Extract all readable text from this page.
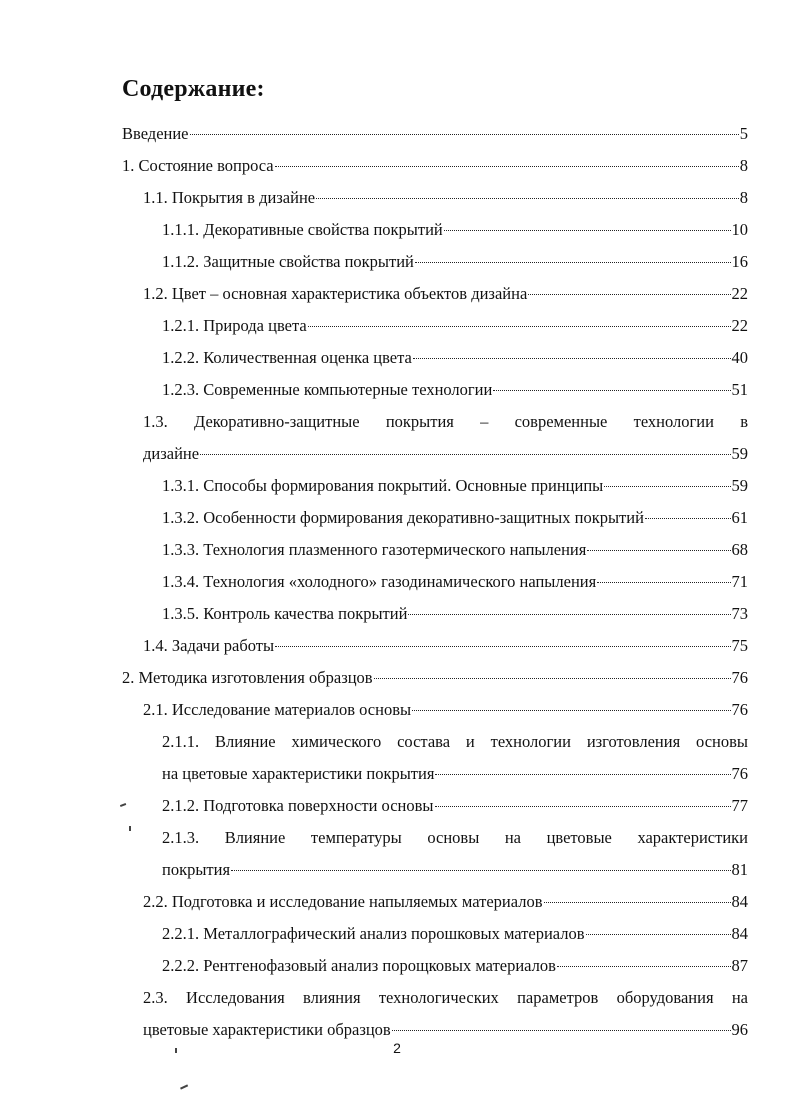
Содержание:
Введение	5
1. Состояние вопроса	8
1.1. Покрытия в дизайне	8
1.1.1. Декоративные свойства покрытий	10
1.1.2. Защитные свойства покрытий	16
1.2. Цвет – основная характеристика объектов дизайна	22
1.2.1. Природа цвета	22
1.2.2. Количественная оценка цвета	40
1.2.3. Современные компьютерные технологии	51
1.3. Декоративно-защитные покрытия – современные технологии в
дизайне	59
1.3.1. Способы формирования покрытий. Основные принципы	59
1.3.2. Особенности формирования декоративно-защитных покрытий	61
1.3.3. Технология плазменного газотермического напыления	68
1.3.4. Технология «холодного» газодинамического напыления	71
1.3.5. Контроль качества покрытий	73
1.4. Задачи работы	75
2. Методика изготовления образцов	76
2.1. Исследование материалов основы	76
2.1.1. Влияние химического состава и технологии изготовления основы
на цветовые характеристики покрытия	76
2.1.2. Подготовка поверхности основы	77
2.1.3. Влияние температуры основы на цветовые характеристики
покрытия	81
2.2. Подготовка и исследование напыляемых материалов	84
2.2.1. Металлографический анализ порошковых материалов	84
2.2.2. Рентгенофазовый анализ порощковых материалов	87
2.3. Исследования влияния технологических параметров оборудования на
цветовые характеристики образцов	96
2
